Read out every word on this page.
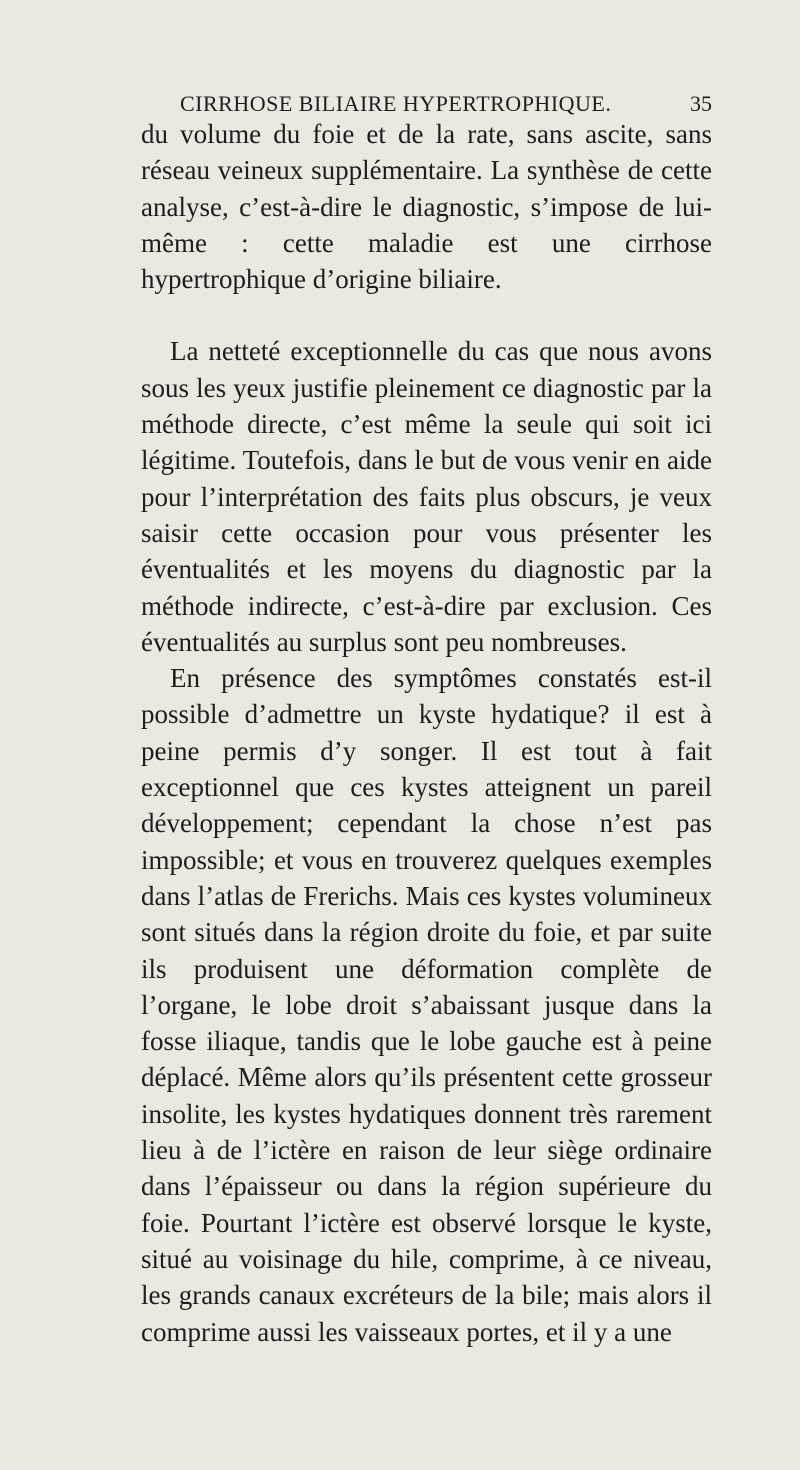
CIRRHOSE BILIAIRE HYPERTROPHIQUE.	35

du volume du foie et de la rate, sans ascite, sans réseau veineux supplémentaire. La synthèse de cette analyse, c’est-à-dire le diagnostic, s’impose de lui-même : cette maladie est une cirrhose hypertrophique d’origine biliaire.

La netteté exceptionnelle du cas que nous avons sous les yeux justifie pleinement ce diagnostic par la méthode directe, c’est même la seule qui soit ici légitime. Toutefois, dans le but de vous venir en aide pour l’interprétation des faits plus obscurs, je veux saisir cette occasion pour vous présenter les éventualités et les moyens du diagnostic par la méthode indirecte, c’est-à-dire par exclusion. Ces éventualités au surplus sont peu nombreuses.

En présence des symptômes constatés est-il possible d’admettre un kyste hydatique? il est à peine permis d’y songer. Il est tout à fait exceptionnel que ces kystes atteignent un pareil développement; cependant la chose n’est pas impossible; et vous en trouverez quelques exemples dans l’atlas de Frerichs. Mais ces kystes volumineux sont situés dans la région droite du foie, et par suite ils produisent une déformation complète de l’organe, le lobe droit s’abaissant jusque dans la fosse iliaque, tandis que le lobe gauche est à peine déplacé. Même alors qu’ils présentent cette grosseur insolite, les kystes hydatiques donnent très rarement lieu à de l’ictère en raison de leur siège ordinaire dans l’épaisseur ou dans la région supérieure du foie. Pourtant l’ictère est observé lorsque le kyste, situé au voisinage du hile, comprime, à ce niveau, les grands canaux excréteurs de la bile; mais alors il comprime aussi les vaisseaux portes, et il y a une
